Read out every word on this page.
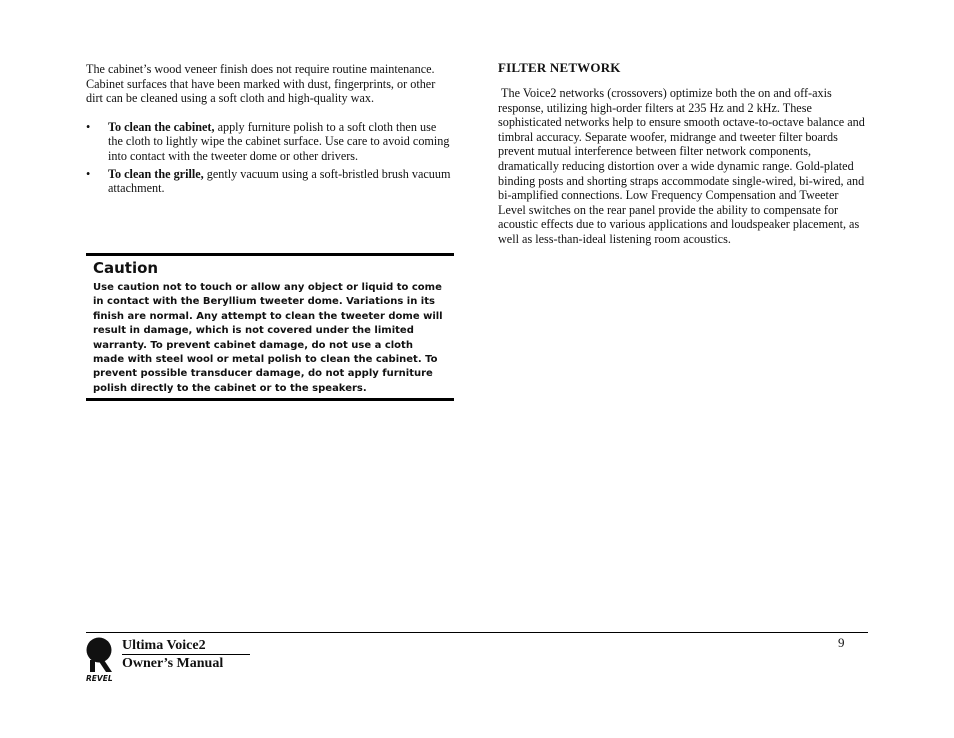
The cabinet’s wood veneer finish does not require routine maintenance. Cabinet surfaces that have been marked with dust, fingerprints, or other dirt can be cleaned using a soft cloth and high-quality wax.

• To clean the cabinet, apply furniture polish to a soft cloth then use the cloth to lightly wipe the cabinet surface. Use care to avoid coming into contact with the tweeter dome or other drivers.
• To clean the grille, gently vacuum using a soft-bristled brush vacuum attachment.
Caution
Use caution not to touch or allow any object or liquid to come in contact with the Beryllium tweeter dome. Variations in its finish are normal. Any attempt to clean the tweeter dome will result in damage, which is not covered under the limited warranty. To prevent cabinet damage, do not use a cloth made with steel wool or metal polish to clean the cabinet. To prevent possible transducer damage, do not apply furniture polish directly to the cabinet or to the speakers.
FILTER NETWORK

The Voice2 networks (crossovers) optimize both the on and off-axis response, utilizing high-order filters at 235 Hz and 2 kHz. These sophisticated networks help to ensure smooth octave-to-octave balance and timbral accuracy. Separate woofer, midrange and tweeter filter boards prevent mutual interference between filter network components, dramatically reducing distortion over a wide dynamic range. Gold-plated binding posts and shorting straps accommodate single-wired, bi-wired, and bi-amplified connections. Low Frequency Compensation and Tweeter Level switches on the rear panel provide the ability to compensate for acoustic effects due to various applications and loudspeaker placement, as well as less-than-ideal listening room acoustics.

9
REVEL
Ultima Voice2
Owner’s Manual
